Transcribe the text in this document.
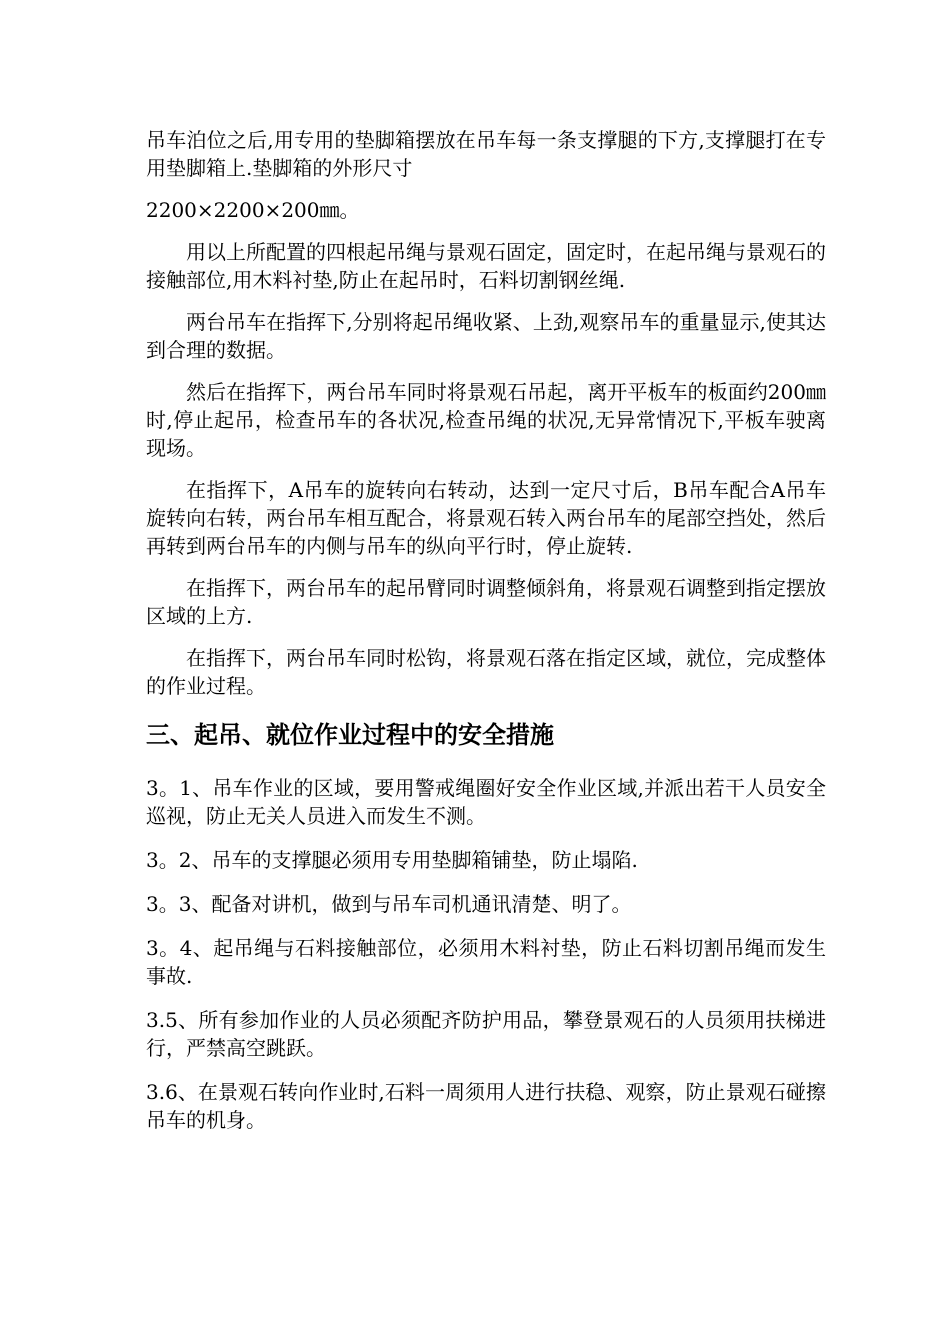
吊车泊位之后,用专用的垫脚箱摆放在吊车每一条支撑腿的下方,支撑腿打在专用垫脚箱上.垫脚箱的外形尺寸

2200×2200×200㎜。

用以上所配置的四根起吊绳与景观石固定，固定时，在起吊绳与景观石的接触部位,用木料衬垫,防止在起吊时，石料切割钢丝绳.

两台吊车在指挥下,分别将起吊绳收紧、上劲,观察吊车的重量显示,使其达到合理的数据。

然后在指挥下，两台吊车同时将景观石吊起，离开平板车的板面约200㎜时,停止起吊，检查吊车的各状况,检查吊绳的状况,无异常情况下,平板车驶离现场。

在指挥下，A吊车的旋转向右转动，达到一定尺寸后，B吊车配合A吊车旋转向右转，两台吊车相互配合，将景观石转入两台吊车的尾部空挡处，然后再转到两台吊车的内侧与吊车的纵向平行时，停止旋转.

在指挥下，两台吊车的起吊臂同时调整倾斜角，将景观石调整到指定摆放区域的上方.

在指挥下，两台吊车同时松钩，将景观石落在指定区域，就位，完成整体的作业过程。

三、起吊、就位作业过程中的安全措施

3。1、吊车作业的区域，要用警戒绳圈好安全作业区域,并派出若干人员安全巡视，防止无关人员进入而发生不测。

3。2、吊车的支撑腿必须用专用垫脚箱铺垫，防止塌陷.

3。3、配备对讲机，做到与吊车司机通讯清楚、明了。

3。4、起吊绳与石料接触部位，必须用木料衬垫，防止石料切割吊绳而发生事故.

3.5、所有参加作业的人员必须配齐防护用品，攀登景观石的人员须用扶梯进行，严禁高空跳跃。

3.6、在景观石转向作业时,石料一周须用人进行扶稳、观察，防止景观石碰擦吊车的机身。
